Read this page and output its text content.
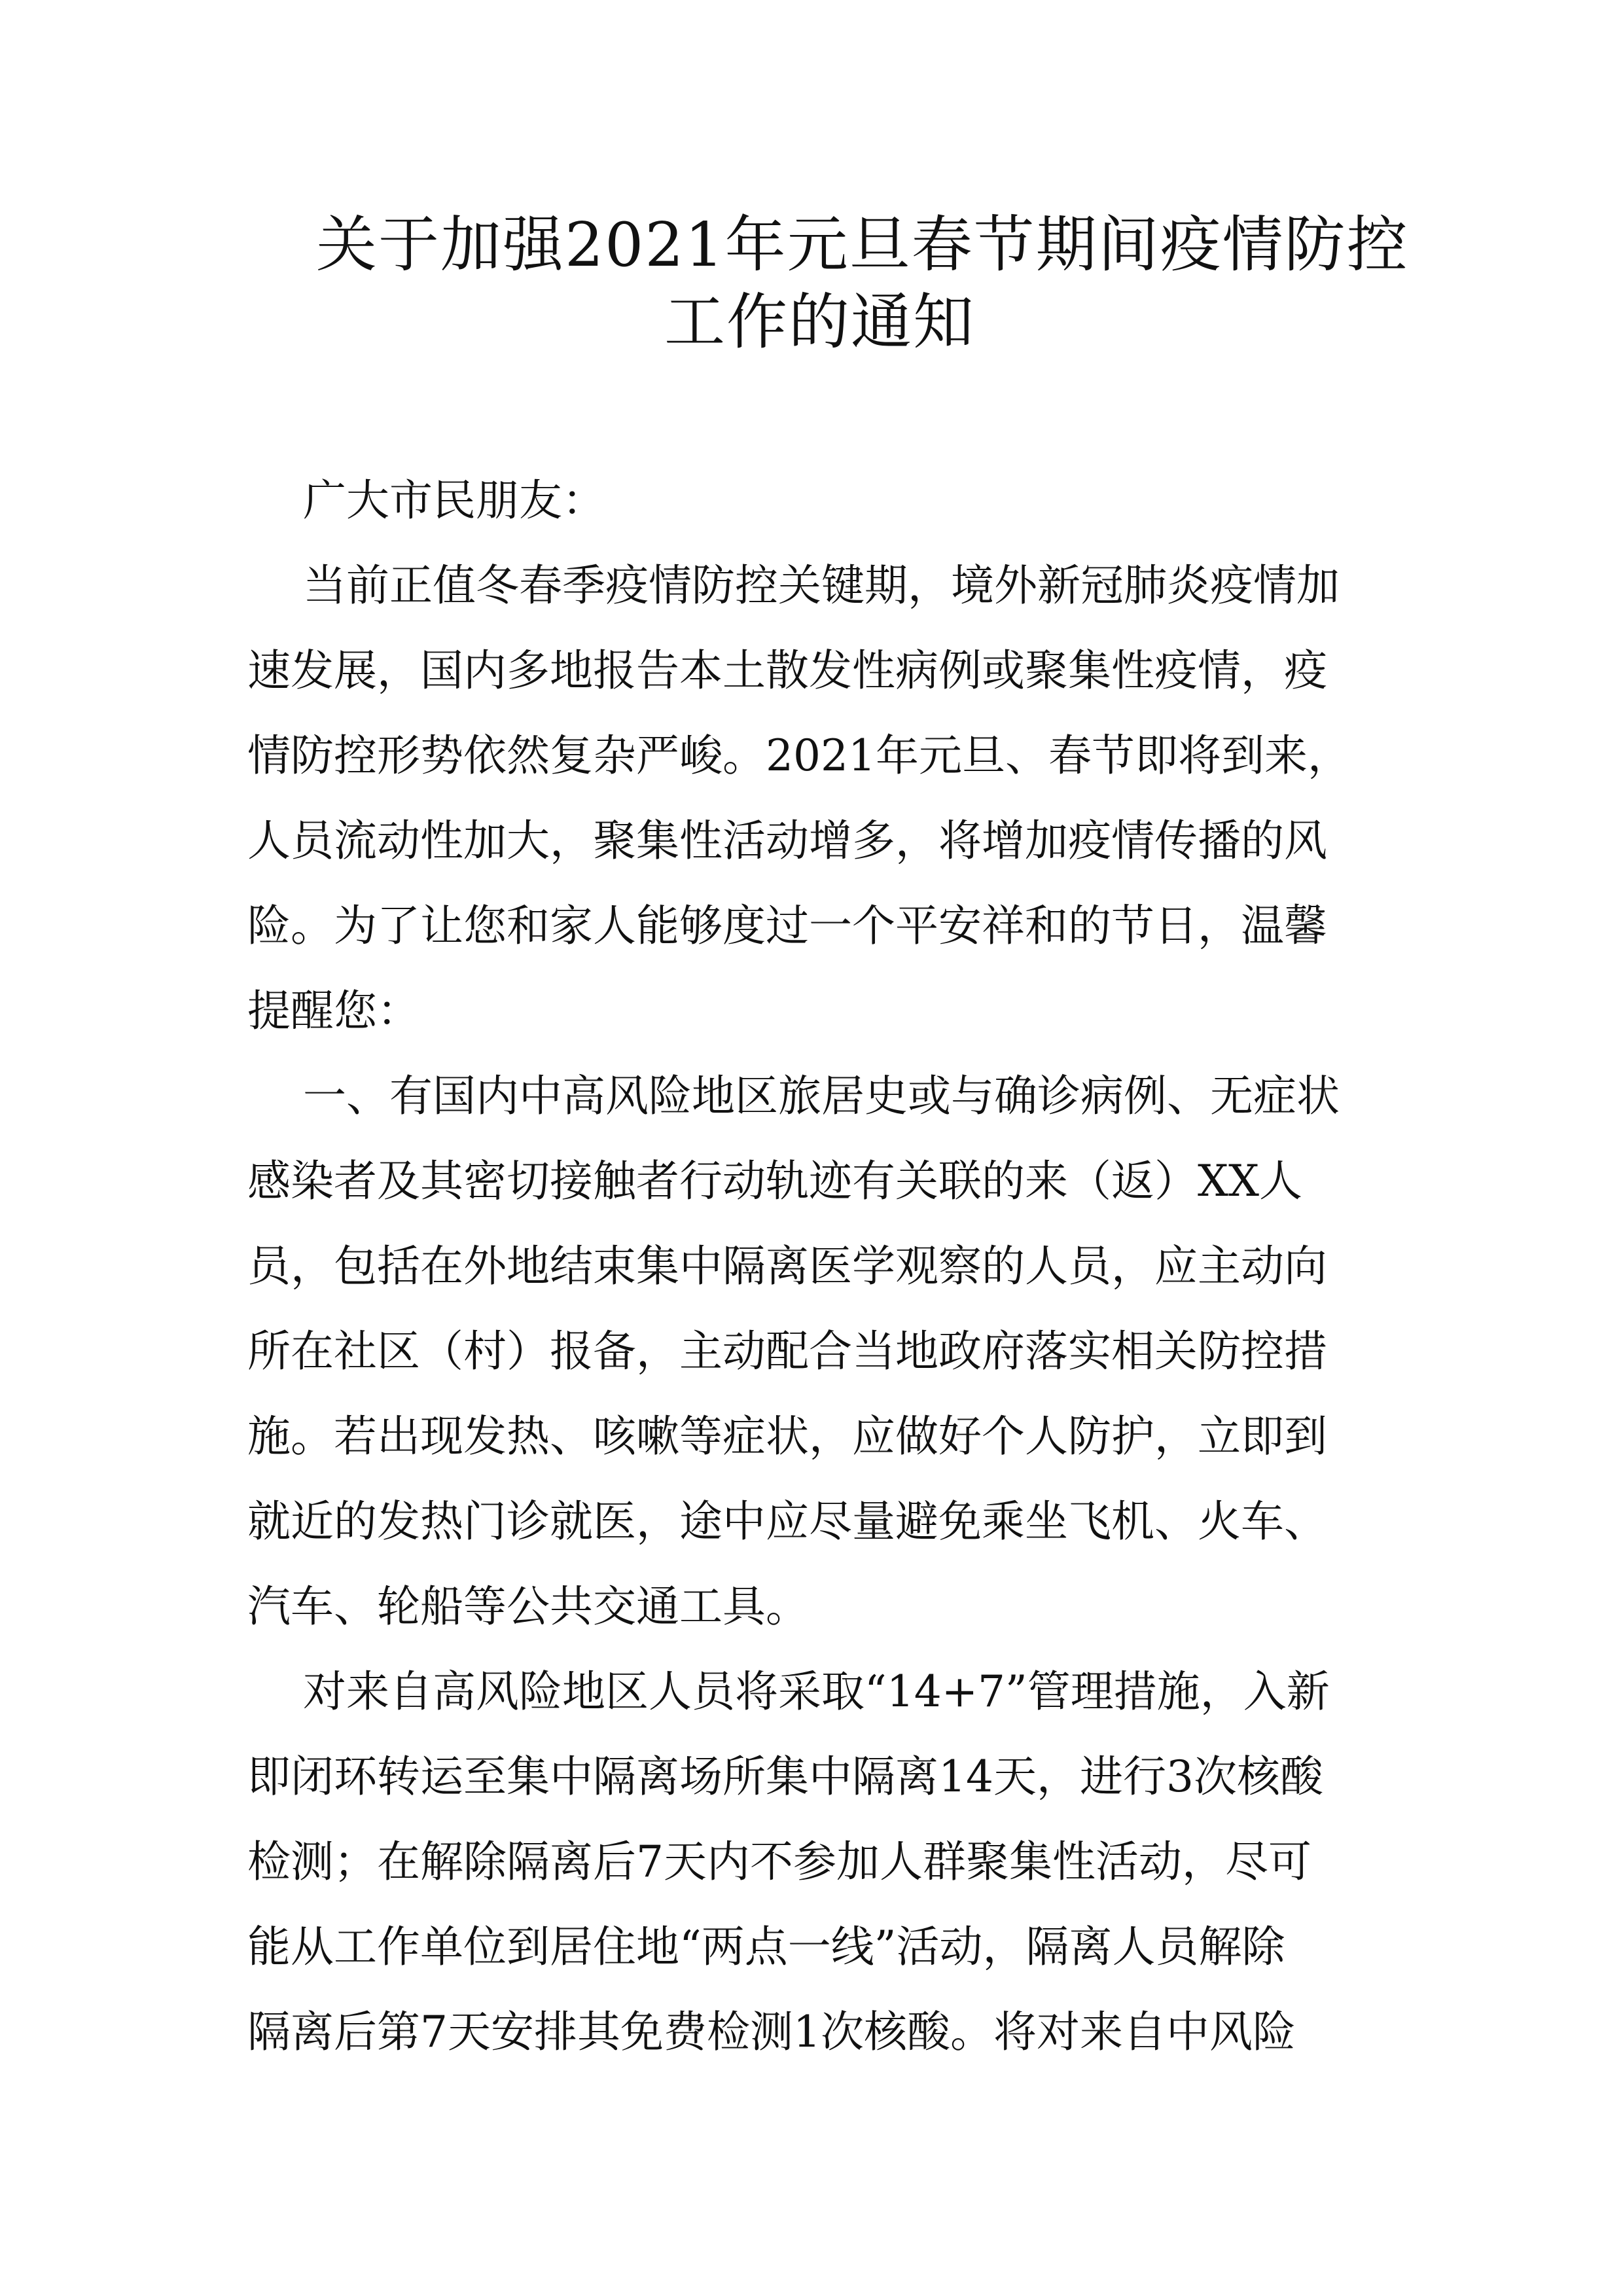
关于加强2021年元旦春节期间疫情防控
工作的通知
广大市民朋友：
当前正值冬春季疫情防控关键期，境外新冠肺炎疫情加
速发展，国内多地报告本土散发性病例或聚集性疫情，疫
情防控形势依然复杂严峻。2021年元旦、春节即将到来，
人员流动性加大，聚集性活动增多，将增加疫情传播的风
险。为了让您和家人能够度过一个平安祥和的节日，温馨
提醒您：
一、有国内中高风险地区旅居史或与确诊病例、无症状
感染者及其密切接触者行动轨迹有关联的来（返）XX人
员，包括在外地结束集中隔离医学观察的人员，应主动向
所在社区（村）报备，主动配合当地政府落实相关防控措
施。若出现发热、咳嗽等症状，应做好个人防护，立即到
就近的发热门诊就医，途中应尽量避免乘坐飞机、火车、
汽车、轮船等公共交通工具。
对来自高风险地区人员将采取“14+7”管理措施，入新
即闭环转运至集中隔离场所集中隔离14天，进行3次核酸
检测；在解除隔离后7天内不参加人群聚集性活动，尽可
能从工作单位到居住地“两点一线”活动，隔离人员解除
隔离后第7天安排其免费检测1次核酸。将对来自中风险
